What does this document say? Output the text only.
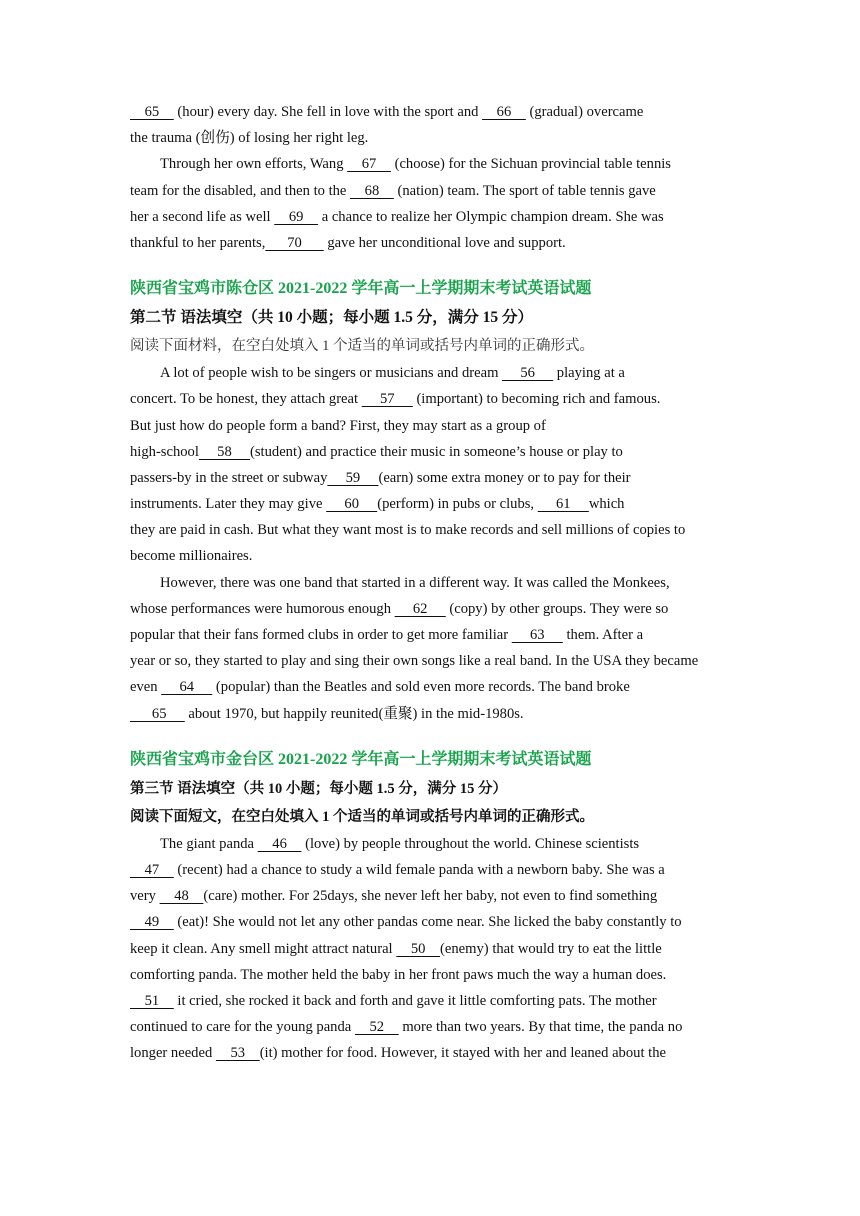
65     (hour) every day. She fell in love with the sport and     66     (gradual) overcame
the trauma (创伤) of losing her right leg.
Through her own efforts, Wang     67     (choose) for the Sichuan provincial table tennis
team for the disabled, and then to the     68     (nation) team. The sport of table tennis gave
her a second life as well     69     a chance to realize her Olympic champion dream. She was
thankful to her parents,      70       gave her unconditional love and support.
陕西省宝鸡市陈仓区 2021-2022 学年高一上学期期末考试英语试题
第二节 语法填空（共 10 小题；每小题 1.5 分，满分 15 分）
阅读下面材料，在空白处填入 1 个适当的单词或括号内单词的正确形式。
A lot of people wish to be singers or musicians and dream      56      playing at a
concert. To be honest, they attach great      57      (important) to becoming rich and famous.
But just how do people form a band? First, they may start as a group of
high-school     58     (student) and practice their music in someone’s house or play to
passers-by in the street or subway     59     (earn) some extra money or to pay for their
instruments. Later they may give      60     (perform) in pubs or clubs,      61     which
they are paid in cash. But what they want most is to make records and sell millions of copies to
become millionaires.
However, there was one band that started in a different way. It was called the Monkees,
whose performances were humorous enough      62      (copy) by other groups. They were so
popular that their fans formed clubs in order to get more familiar      63      them. After a
year or so, they started to play and sing their own songs like a real band. In the USA they became
even      64      (popular) than the Beatles and sold even more records. The band broke
65      about 1970, but happily reunited(重聚) in the mid-1980s.
陕西省宝鸡市金台区 2021-2022 学年高一上学期期末考试英语试题
第三节 语法填空（共 10 小题；每小题 1.5 分，满分 15 分）
阅读下面短文，在空白处填入 1 个适当的单词或括号内单词的正确形式。
The giant panda     46     (love) by people throughout the world. Chinese scientists
47     (recent) had a chance to study a wild female panda with a newborn baby. She was a
very     48    (care) mother. For 25days, she never left her baby, not even to find something
49     (eat)! She would not let any other pandas come near. She licked the baby constantly to
keep it clean. Any smell might attract natural     50    (enemy) that would try to eat the little
comforting panda. The mother held the baby in her front paws much the way a human does.
51     it cried, she rocked it back and forth and gave it little comforting pats. The mother
continued to care for the young panda     52     more than two years. By that time, the panda no
longer needed     53    (it) mother for food. However, it stayed with her and leaned about the
